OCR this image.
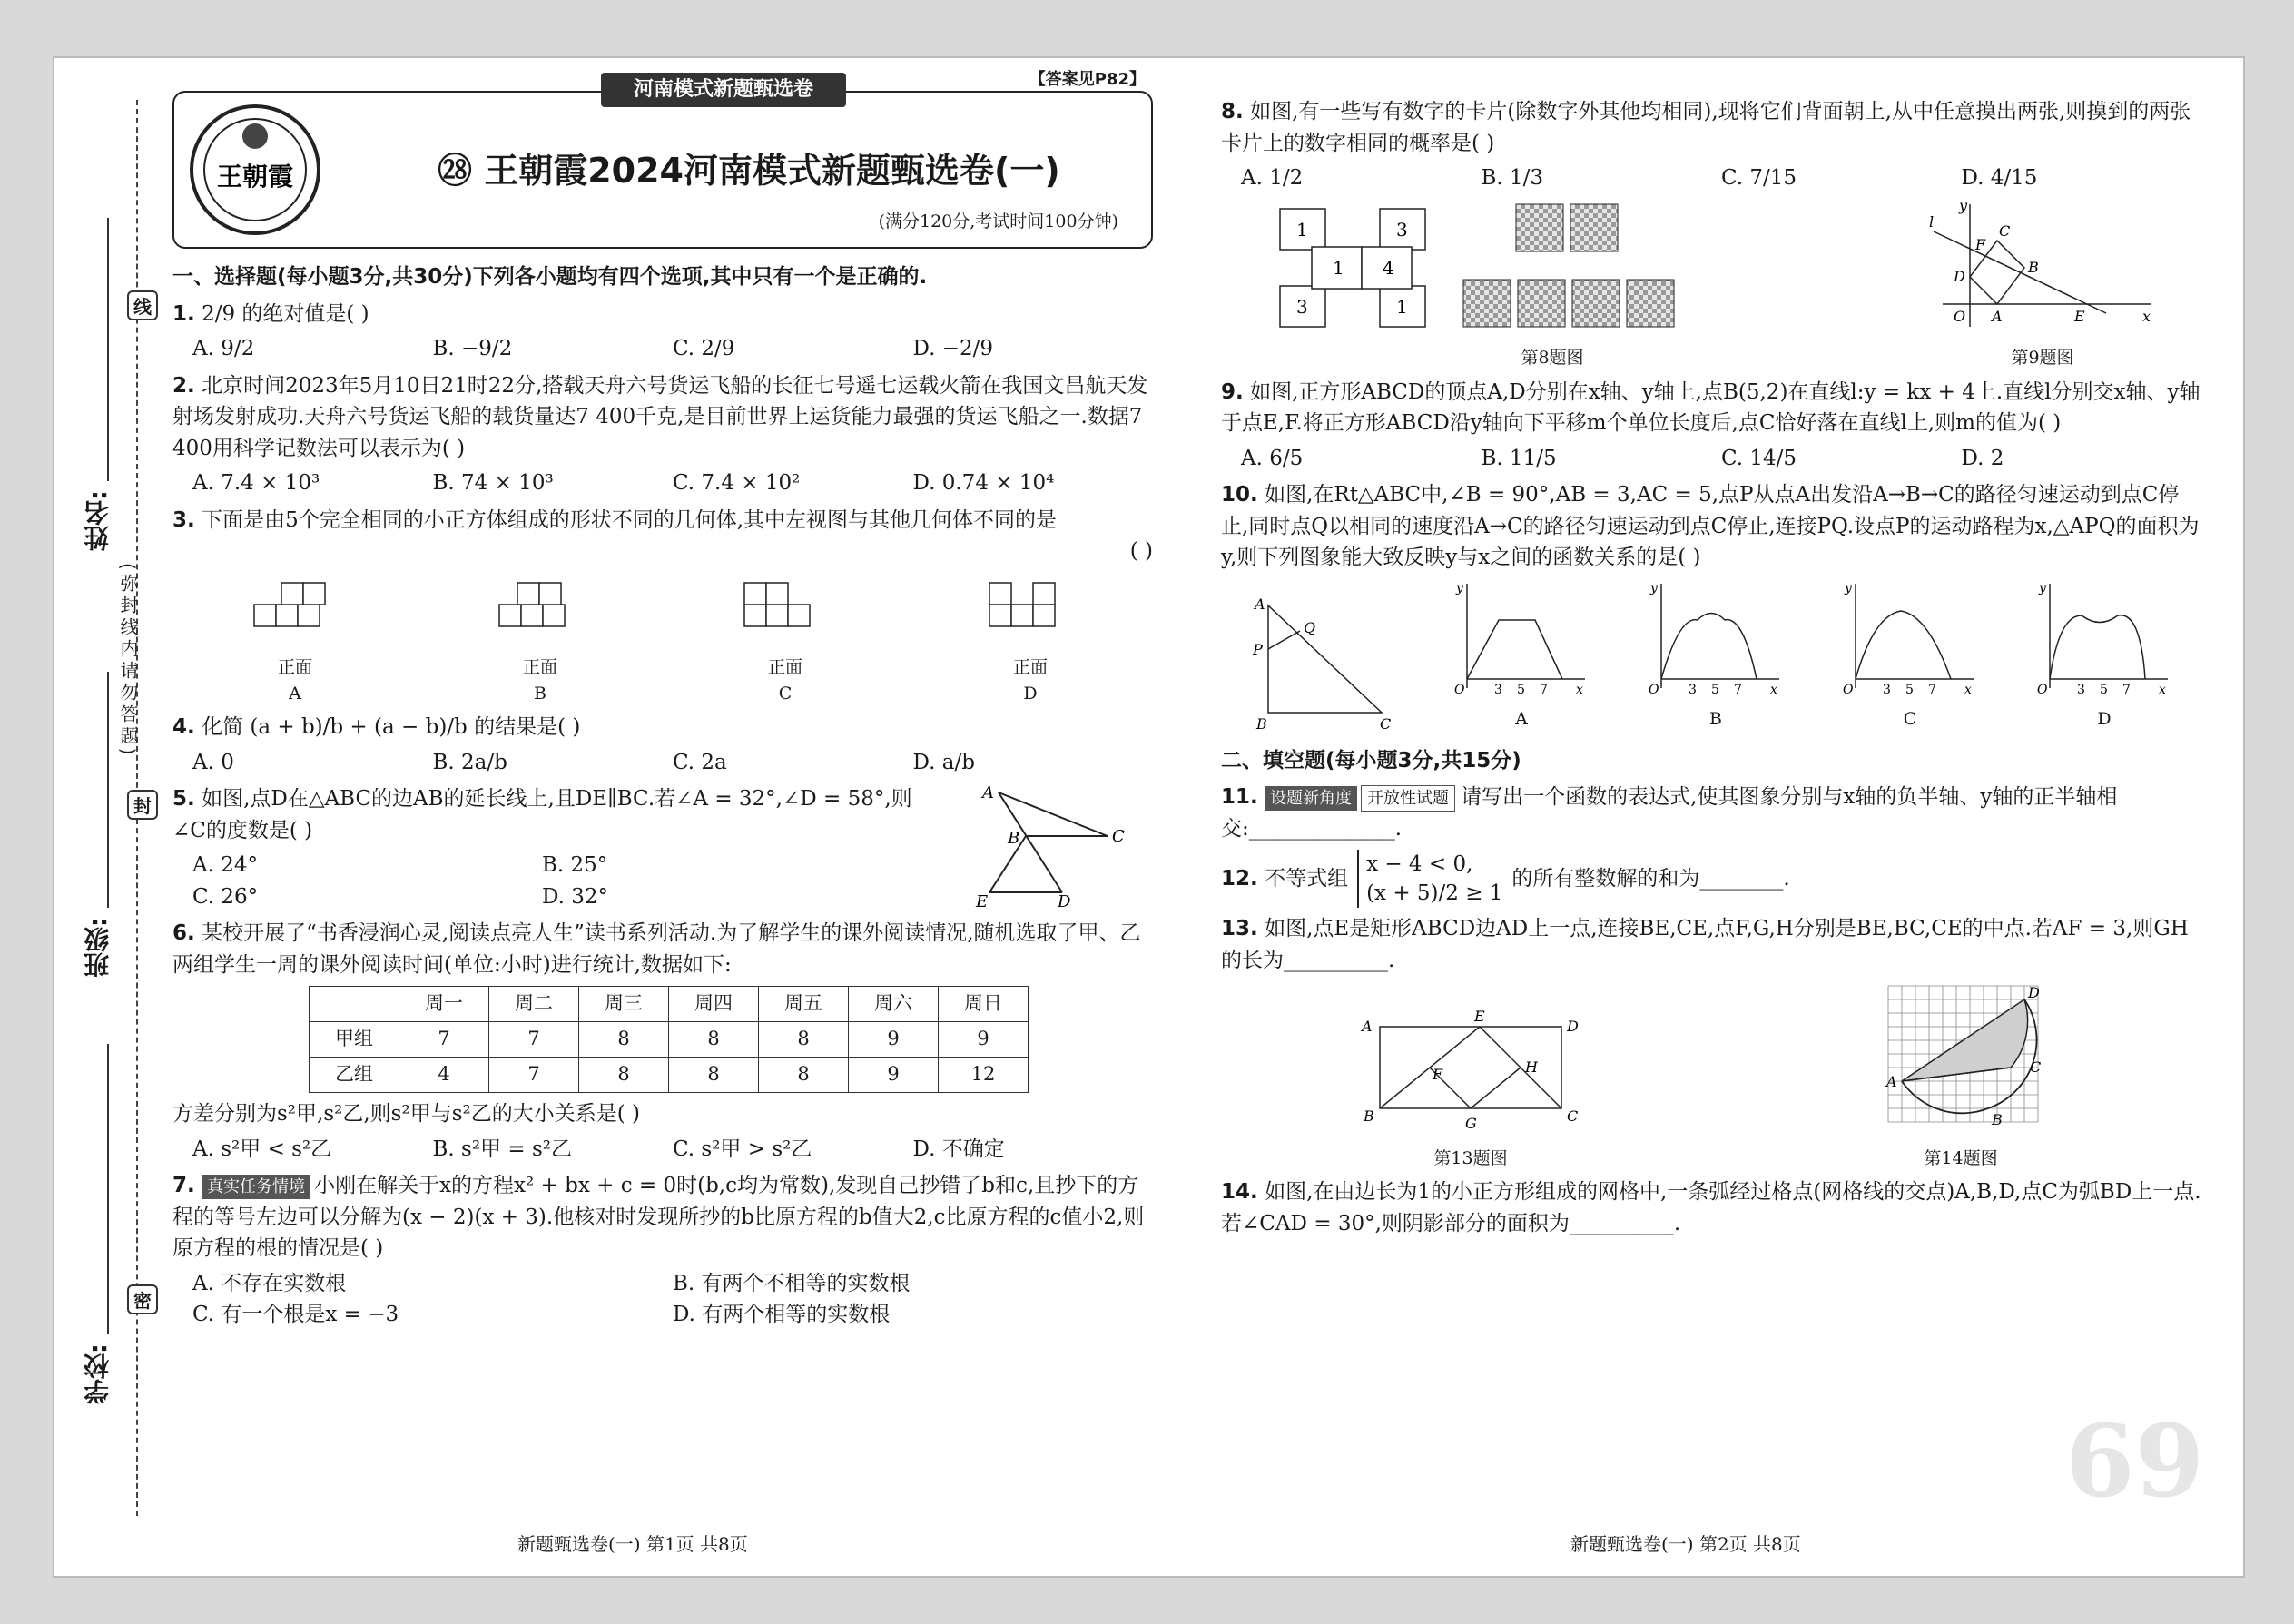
线
封
密
(弥封线内请勿答题)
姓名:
班级:
学校:
河南模式新题甄选卷	【答案见P82】
王朝霞	㉘ 王朝霞2024河南模式新题甄选卷(一)
(满分120分,考试时间100分钟)
一、选择题(每小题3分,共30分)下列各小题均有四个选项,其中只有一个是正确的.
1. 2/9 的绝对值是( )
A. 9/2	B. −9/2	C. 2/9	D. −2/9
2. 北京时间2023年5月10日21时22分,搭载天舟六号货运飞船的长征七号遥七运载火箭在我国文昌航天发射场发射成功.天舟六号货运飞船的载货量达7 400千克,是目前世界上运货能力最强的货运飞船之一.数据7 400用科学记数法可以表示为( )
A. 7.4 × 10³	B. 74 × 10³	C. 7.4 × 10²	D. 0.74 × 10⁴
3. 下面是由5个完全相同的小正方体组成的形状不同的几何体,其中左视图与其他几何体不同的是
( )
正面
A
正面
B
正面
C
正面
D
4. 化简 (a + b)/b + (a − b)/b 的结果是( )
A. 0	B. 2a/b	C. 2a	D. a/b
5. 如图,点D在△ABC的边AB的延长线上,且DE∥BC.若∠A = 32°,∠D = 58°,则∠C的度数是( )
A. 24°	B. 25°
C. 26°	D. 32°
A
B	C
E	D
6. 某校开展了“书香浸润心灵,阅读点亮人生”读书系列活动.为了解学生的课外阅读情况,随机选取了甲、乙两组学生一周的课外阅读时间(单位:小时)进行统计,数据如下:
	周一	周二	周三	周四	周五	周六	周日
甲组	7	7	8	8	8	9	9
乙组	4	7	8	8	8	9	12
方差分别为s²甲,s²乙,则s²甲与s²乙的大小关系是( )
A. s²甲 < s²乙	B. s²甲 = s²乙	C. s²甲 > s²乙	D. 不确定
7. 真实任务情境 小刚在解关于x的方程x² + bx + c = 0时(b,c均为常数),发现自己抄错了b和c,且抄下的方程的等号左边可以分解为(x − 2)(x + 3).他核对时发现所抄的b比原方程的b值大2,c比原方程的c值小2,则原方程的根的情况是( )
A. 不存在实数根	B. 有两个不相等的实数根
C. 有一个根是x = −3	D. 有两个相等的实数根
新题甄选卷(一) 第1页 共8页
8. 如图,有一些写有数字的卡片(除数字外其他均相同),现将它们背面朝上,从中任意摸出两张,则摸到的两张卡片上的数字相同的概率是( )
A. 1/2	B. 1/3	C. 7/15	D. 4/15
1	3
1 4
3	1
第8题图
y
l
F
C
D
B
O A	E	x
第9题图
9. 如图,正方形ABCD的顶点A,D分别在x轴、y轴上,点B(5,2)在直线l:y = kx + 4上.直线l分别交x轴、y轴于点E,F.将正方形ABCD沿y轴向下平移m个单位长度后,点C恰好落在直线l上,则m的值为( )
A. 6/5	B. 11/5	C. 14/5	D. 2
10. 如图,在Rt△ABC中,∠B = 90°,AB = 3,AC = 5,点P从点A出发沿A→B→C的路径匀速运动到点C停止,同时点Q以相同的速度沿A→C的路径匀速运动到点C停止,连接PQ.设点P的运动路程为x,△APQ的面积为y,则下列图象能大致反映y与x之间的函数关系的是( )
A
Q
P
B	C
y
O 3 5 7 x
A
y
O 3 5 7 x
B
y
O 3 5 7 x
C
y
O 3 5 7 x
D
二、填空题(每小题3分,共15分)
11. 设题新角度 开放性试题 请写出一个函数的表达式,使其图象分别与x轴的负半轴、y轴的正半轴相交:______________.
12.
不等式组
x − 4 < 0,
(x + 5)/2 ≥ 1
的所有整数解的和为 ________.
13. 如图,点E是矩形ABCD边AD上一点,连接BE,CE,点F,G,H分别是BE,BC,CE的中点.若AF = 3,则GH的长为__________.
A
E
D
F	H
B	G	C
第13题图
D
C
A
B
第14题图
14. 如图,在由边长为1的小正方形组成的网格中,一条弧经过格点(网格线的交点)A,B,D,点C为弧BD上一点.若∠CAD = 30°,则阴影部分的面积为__________.
新题甄选卷(一) 第2页 共8页
69
